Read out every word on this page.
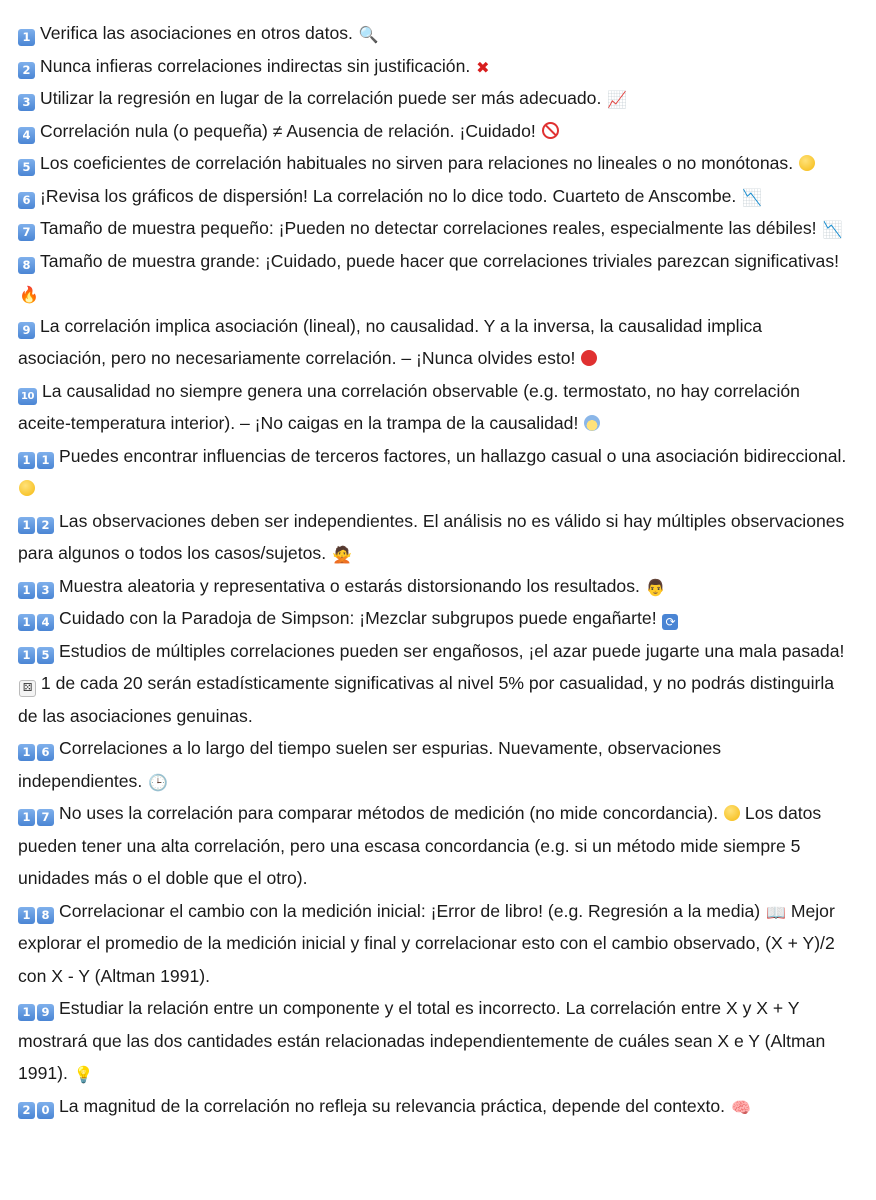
1 Verifica las asociaciones en otros datos. 🔍

2 Nunca infieras correlaciones indirectas sin justificación. ✖

3 Utilizar la regresión en lugar de la correlación puede ser más adecuado. 📈

4 Correlación nula (o pequeña) ≠ Ausencia de relación. ¡Cuidado!

5 Los coeficientes de correlación habituales no sirven para relaciones no lineales o no monótonas.

6 ¡Revisa los gráficos de dispersión! La correlación no lo dice todo. Cuarteto de Anscombe. 📉

7 Tamaño de muestra pequeño: ¡Pueden no detectar correlaciones reales, especialmente las débiles! 📉

8 Tamaño de muestra grande: ¡Cuidado, puede hacer que correlaciones triviales parezcan significativas! 🔥

9 La correlación implica asociación (lineal), no causalidad. Y a la inversa, la causalidad implica asociación, pero no necesariamente correlación. – ¡Nunca olvides esto!

10 La causalidad no siempre genera una correlación observable (e.g. termostato, no hay correlación aceite-temperatura interior). – ¡No caigas en la trampa de la causalidad!

1 1 Puedes encontrar influencias de terceros factores, un hallazgo casual o una asociación bidireccional.

1 2 Las observaciones deben ser independientes. El análisis no es válido si hay múltiples observaciones para algunos o todos los casos/sujetos. 🙅

1 3 Muestra aleatoria y representativa o estarás distorsionando los resultados. 👨

1 4 Cuidado con la Paradoja de Simpson: ¡Mezclar subgrupos puede engañarte! ⟳

1 5 Estudios de múltiples correlaciones pueden ser engañosos, ¡el azar puede jugarte una mala pasada! ⚄ 1 de cada 20 serán estadísticamente significativas al nivel 5% por casualidad, y no podrás distinguirla de las asociaciones genuinas.

1 6 Correlaciones a lo largo del tiempo suelen ser espurias. Nuevamente, observaciones independientes. 🕒

1 7 No uses la correlación para comparar métodos de medición (no mide concordancia). Los datos pueden tener una alta correlación, pero una escasa concordancia (e.g. si un método mide siempre 5 unidades más o el doble que el otro).

1 8 Correlacionar el cambio con la medición inicial: ¡Error de libro! (e.g. Regresión a la media) 📖 Mejor explorar el promedio de la medición inicial y final y correlacionar esto con el cambio observado, (X + Y)/2 con X - Y (Altman 1991).

1 9 Estudiar la relación entre un componente y el total es incorrecto. La correlación entre X y X + Y mostrará que las dos cantidades están relacionadas independientemente de cuáles sean X e Y (Altman 1991). 💡

2 0 La magnitud de la correlación no refleja su relevancia práctica, depende del contexto. 🧠
